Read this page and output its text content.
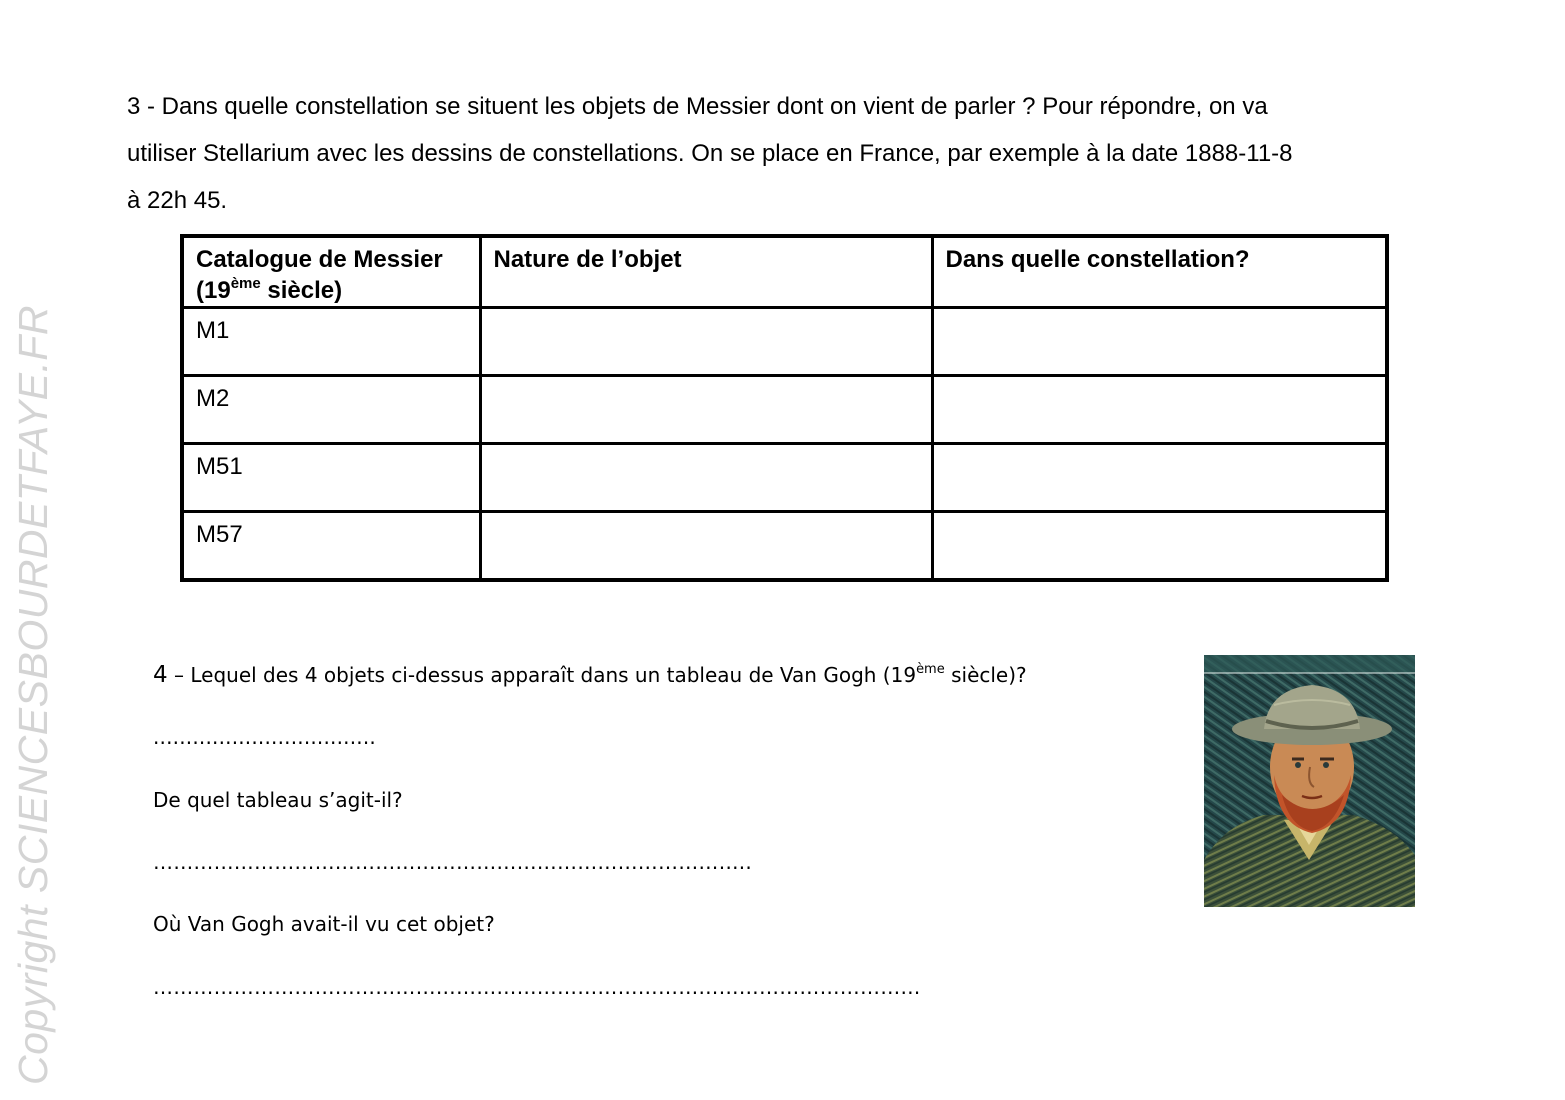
Copyright SCIENCESBOURDETFAYE.FR
3 - Dans quelle constellation se situent les objets de Messier dont on vient de parler ? Pour répondre, on va
utiliser Stellarium avec les dessins de constellations. On se place en France, par exemple à la date 1888-11-8
à 22h 45.
Catalogue de Messier
(19ème siècle)	Nature de l’objet	Dans quelle constellation?
M1		
M2		
M51		
M57		
4 – Lequel des 4 objets ci-dessus apparaît dans un tableau de Van Gogh (19ème siècle)?
..................................
De quel tableau s’agit-il?
……………………………………………………………………………..
Où Van Gogh avait-il vu cet objet?
……………………………………………………………………………………………………
